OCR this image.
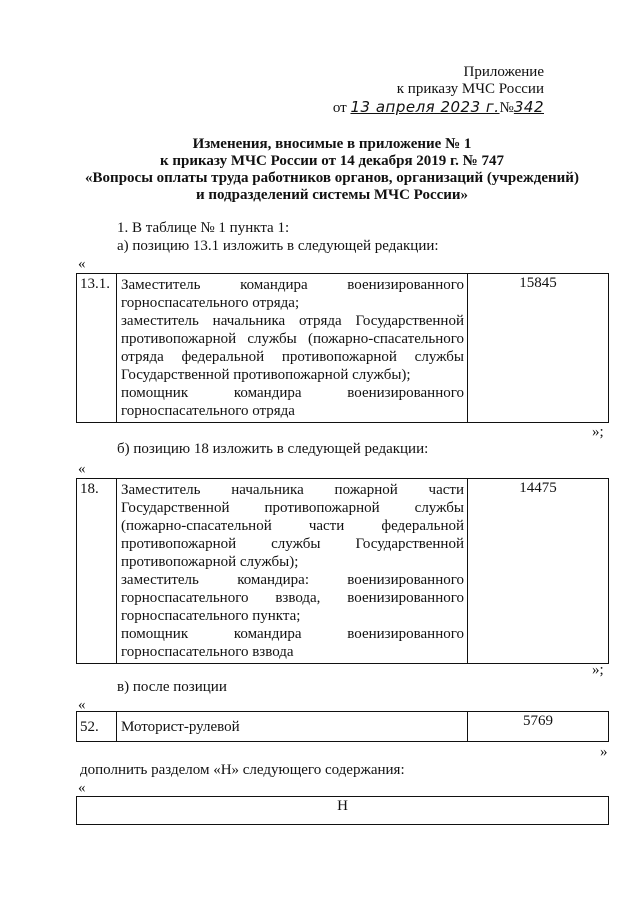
Приложение
к приказу МЧС России
от 13 апреля 2023 г.№342
Изменения, вносимые в приложение № 1
к приказу МЧС России от 14 декабря 2019 г. № 747
«Вопросы оплаты труда работников органов, организаций (учреждений)
и подразделений системы МЧС России»
1. В таблице № 1 пункта 1:
а) позицию 13.1 изложить в следующей редакции:
«
13.1.	Заместитель командира военизированного
горноспасательного отряда;
заместитель начальника отряда Государственной
противопожарной службы (пожарно-спасательного
отряда федеральной противопожарной службы
Государственной противопожарной службы);
помощник командира военизированного
горноспасательного отряда
	15845
»;
б) позицию 18 изложить в следующей редакции:
«
18.	Заместитель начальника пожарной части
Государственной противопожарной службы
(пожарно-спасательной части федеральной
противопожарной службы Государственной
противопожарной службы);
заместитель командира: военизированного
горноспасательного взвода, военизированного
горноспасательного пункта;
помощник командира военизированного
горноспасательного взвода
	14475
»;
в) после позиции
«
52.	Моторист-рулевой	5769
»
дополнить разделом «Н» следующего содержания:
«
Н
